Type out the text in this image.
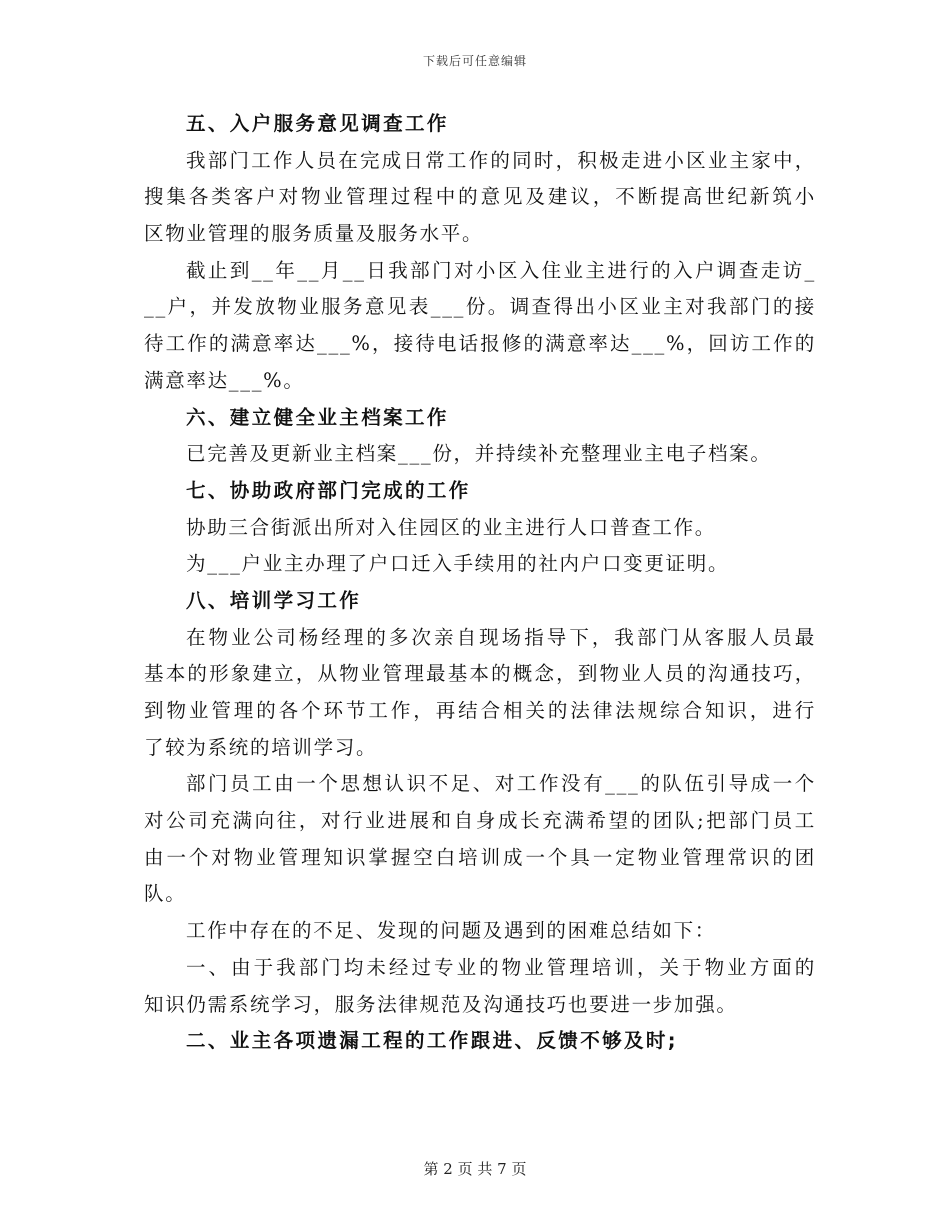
下载后可任意编辑
五、入户服务意见调查工作
我部门工作人员在完成日常工作的同时，积极走进小区业主家中，
搜集各类客户对物业管理过程中的意见及建议，不断提高世纪新筑小
区物业管理的服务质量及服务水平。
截止到__年__月__日我部门对小区入住业主进行的入户调查走访_
__户，并发放物业服务意见表___份。调查得出小区业主对我部门的接
待工作的满意率达___%，接待电话报修的满意率达___%，回访工作的
满意率达___%。
六、建立健全业主档案工作
已完善及更新业主档案___份，并持续补充整理业主电子档案。
七、协助政府部门完成的工作
协助三合街派出所对入住园区的业主进行人口普查工作。
为___户业主办理了户口迁入手续用的社内户口变更证明。
八、培训学习工作
在物业公司杨经理的多次亲自现场指导下，我部门从客服人员最
基本的形象建立，从物业管理最基本的概念，到物业人员的沟通技巧，
到物业管理的各个环节工作，再结合相关的法律法规综合知识，进行
了较为系统的培训学习。
部门员工由一个思想认识不足、对工作没有___的队伍引导成一个
对公司充满向往，对行业进展和自身成长充满希望的团队;把部门员工
由一个对物业管理知识掌握空白培训成一个具一定物业管理常识的团
队。
工作中存在的不足、发现的问题及遇到的困难总结如下：
一、由于我部门均未经过专业的物业管理培训，关于物业方面的
知识仍需系统学习，服务法律规范及沟通技巧也要进一步加强。
二、业主各项遗漏工程的工作跟进、反馈不够及时;
第 2 页 共 7 页
